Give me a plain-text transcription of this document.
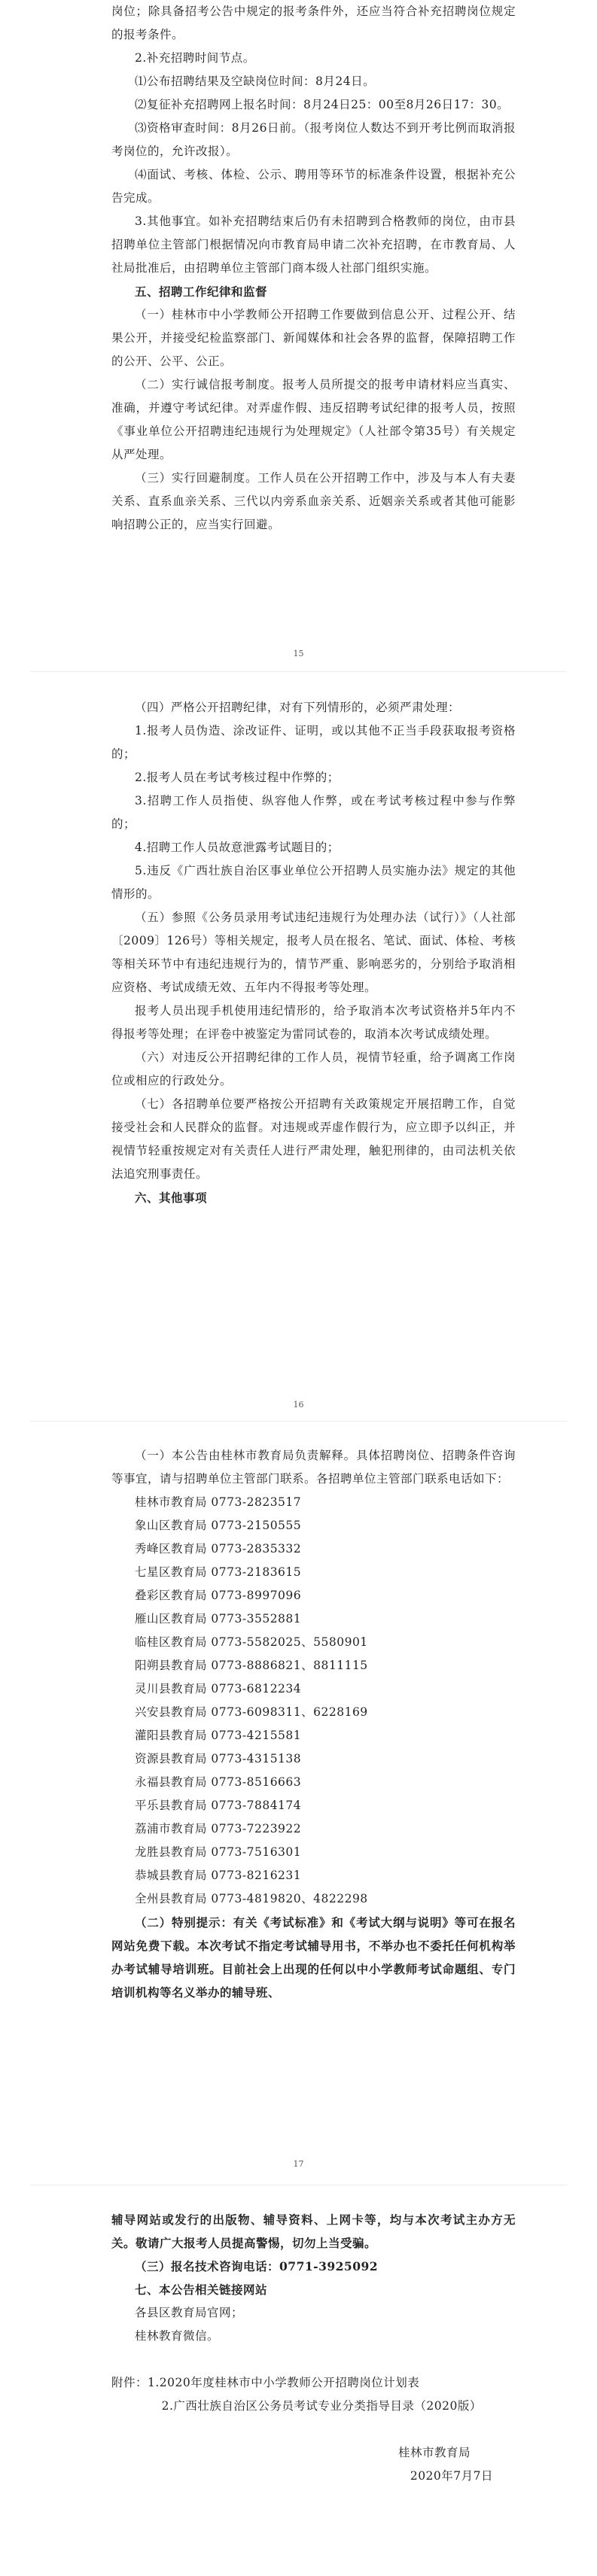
岗位；除具备招考公告中规定的报考条件外，还应当符合补充招聘岗位规定的报考条件。

2.补充招聘时间节点。

⑴公布招聘结果及空缺岗位时间：8月24日。

⑵复征补充招聘网上报名时间：8月24日25：00至8月26日17：30。

⑶资格审查时间：8月26日前。（报考岗位人数达不到开考比例而取消报考岗位的，允许改报）。

⑷面试、考核、体检、公示、聘用等环节的标准条件设置，根据补充公告完成。

3.其他事宜。如补充招聘结束后仍有未招聘到合格教师的岗位，由市县招聘单位主管部门根据情况向市教育局申请二次补充招聘，在市教育局、人社局批准后，由招聘单位主管部门商本级人社部门组织实施。

五、招聘工作纪律和监督

（一）桂林市中小学教师公开招聘工作要做到信息公开、过程公开、结果公开，并接受纪检监察部门、新闻媒体和社会各界的监督，保障招聘工作的公开、公平、公正。

（二）实行诚信报考制度。报考人员所提交的报考申请材料应当真实、准确，并遵守考试纪律。对弄虚作假、违反招聘考试纪律的报考人员，按照《事业单位公开招聘违纪违规行为处理规定》（人社部令第35号）有关规定从严处理。

（三）实行回避制度。工作人员在公开招聘工作中，涉及与本人有夫妻关系、直系血亲关系、三代以内旁系血亲关系、近姻亲关系或者其他可能影响招聘公正的，应当实行回避。

15

（四）严格公开招聘纪律，对有下列情形的，必须严肃处理：

1.报考人员伪造、涂改证件、证明，或以其他不正当手段获取报考资格的；

2.报考人员在考试考核过程中作弊的；

3.招聘工作人员指使、纵容他人作弊，或在考试考核过程中参与作弊的；

4.招聘工作人员故意泄露考试题目的；

5.违反《广西壮族自治区事业单位公开招聘人员实施办法》规定的其他情形的。

（五）参照《公务员录用考试违纪违规行为处理办法（试行）》（人社部〔2009〕126号）等相关规定，报考人员在报名、笔试、面试、体检、考核等相关环节中有违纪违规行为的，情节严重、影响恶劣的，分别给予取消相应资格、考试成绩无效、五年内不得报考等处理。

报考人员出现手机使用违纪情形的，给予取消本次考试资格并5年内不得报考等处理；在评卷中被鉴定为雷同试卷的，取消本次考试成绩处理。

（六）对违反公开招聘纪律的工作人员，视情节轻重，给予调离工作岗位或相应的行政处分。

（七）各招聘单位要严格按公开招聘有关政策规定开展招聘工作，自觉接受社会和人民群众的监督。对违规或弄虚作假行为，应立即予以纠正，并视情节轻重按规定对有关责任人进行严肃处理，触犯刑律的，由司法机关依法追究刑事责任。

六、其他事项

16

（一）本公告由桂林市教育局负责解释。具体招聘岗位、招聘条件咨询等事宜，请与招聘单位主管部门联系。各招聘单位主管部门联系电话如下：

桂林市教育局 0773-2823517

象山区教育局 0773-2150555

秀峰区教育局 0773-2835332

七星区教育局 0773-2183615

叠彩区教育局 0773-8997096

雁山区教育局 0773-3552881

临桂区教育局 0773-5582025、5580901

阳朔县教育局 0773-8886821、8811115

灵川县教育局 0773-6812234

兴安县教育局 0773-6098311、6228169

灌阳县教育局 0773-4215581

资源县教育局 0773-4315138

永福县教育局 0773-8516663

平乐县教育局 0773-7884174

荔浦市教育局 0773-7223922

龙胜县教育局 0773-7516301

恭城县教育局 0773-8216231

全州县教育局 0773-4819820、4822298

（二）特别提示：有关《考试标准》和《考试大纲与说明》等可在报名网站免费下载。本次考试不指定考试辅导用书，不举办也不委托任何机构举办考试辅导培训班。目前社会上出现的任何以中小学教师考试命题组、专门培训机构等名义举办的辅导班、

17

辅导网站或发行的出版物、辅导资料、上网卡等，均与本次考试主办方无关。敬请广大报考人员提高警惕，切勿上当受骗。

（三）报名技术咨询电话：0771-3925092

七、本公告相关链接网站

各县区教育局官网；

桂林教育微信。

附件：1.2020年度桂林市中小学教师公开招聘岗位计划表

2.广西壮族自治区公务员考试专业分类指导目录（2020版）

桂林市教育局

2020年7月7日
